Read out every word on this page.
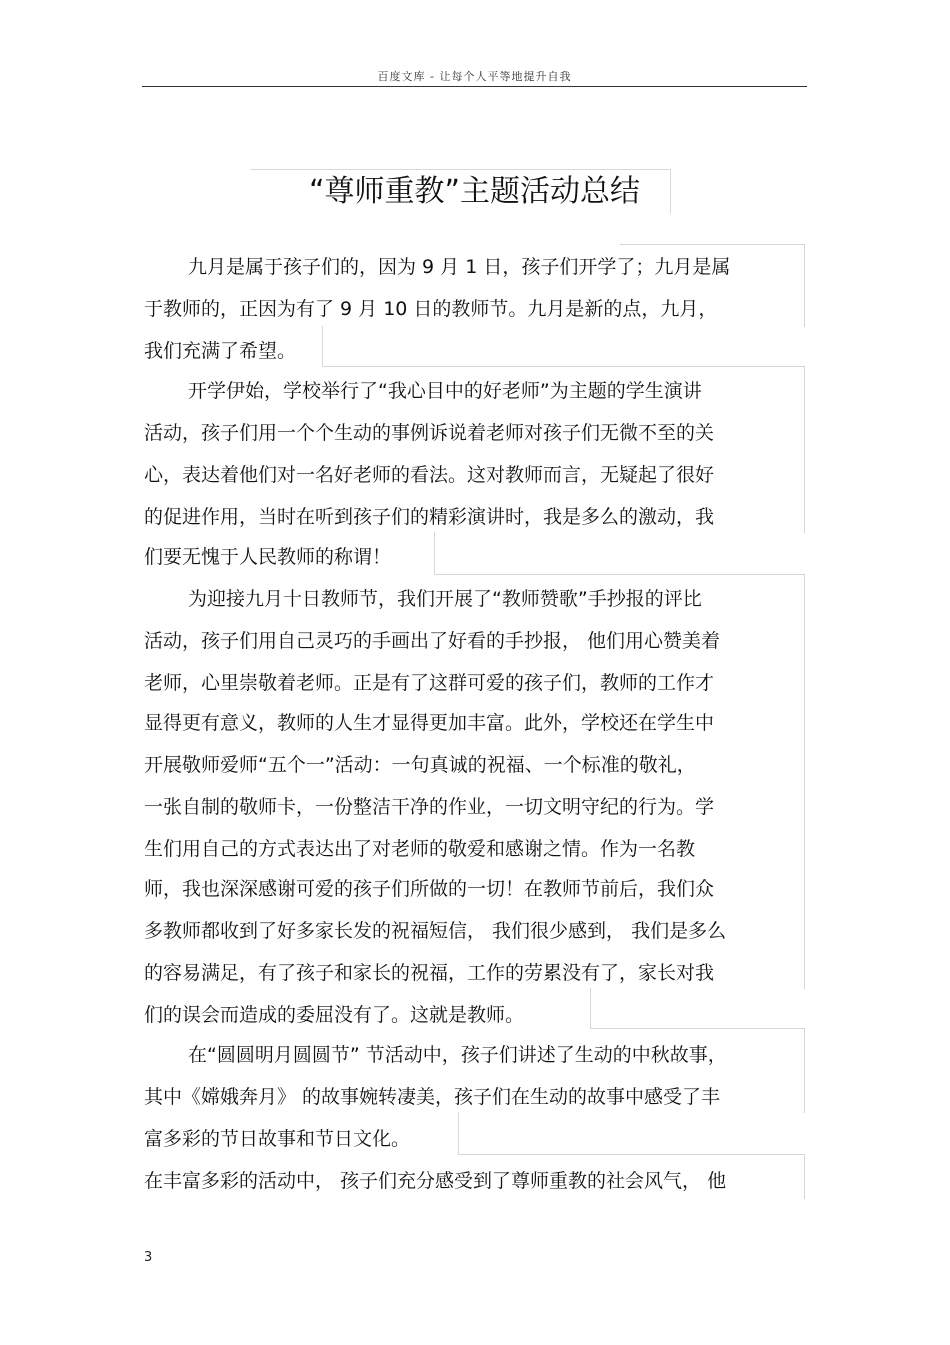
百度文库 - 让每个人平等地提升自我
“尊师重教”主题活动总结
九月是属于孩子们的，因为 9 月 1 日，孩子们开学了；九月是属
于教师的，正因为有了 9 月 10 日的教师节。九月是新的点，九月，
我们充满了希望。
开学伊始，学校举行了“我心目中的好老师”为主题的学生演讲
活动，孩子们用一个个生动的事例诉说着老师对孩子们无微不至的关
心，表达着他们对一名好老师的看法。这对教师而言，无疑起了很好
的促进作用，当时在听到孩子们的精彩演讲时，我是多么的激动，我
们要无愧于人民教师的称谓！
为迎接九月十日教师节，我们开展了“教师赞歌”手抄报的评比
活动，孩子们用自己灵巧的手画出了好看的手抄报， 他们用心赞美着
老师，心里崇敬着老师。正是有了这群可爱的孩子们，教师的工作才
显得更有意义，教师的人生才显得更加丰富。此外，学校还在学生中
开展敬师爱师“五个一”活动：一句真诚的祝福、一个标准的敬礼，
一张自制的敬师卡，一份整洁干净的作业，一切文明守纪的行为。学
生们用自己的方式表达出了对老师的敬爱和感谢之情。作为一名教
师，我也深深感谢可爱的孩子们所做的一切！在教师节前后，我们众
多教师都收到了好多家长发的祝福短信， 我们很少感到， 我们是多么
的容易满足，有了孩子和家长的祝福，工作的劳累没有了，家长对我
们的误会而造成的委屈没有了。这就是教师。
在“圆圆明月圆圆节” 节活动中，孩子们讲述了生动的中秋故事，
其中《嫦娥奔月》 的故事婉转凄美，孩子们在生动的故事中感受了丰
富多彩的节日故事和节日文化。
在丰富多彩的活动中， 孩子们充分感受到了尊师重教的社会风气， 他
3
